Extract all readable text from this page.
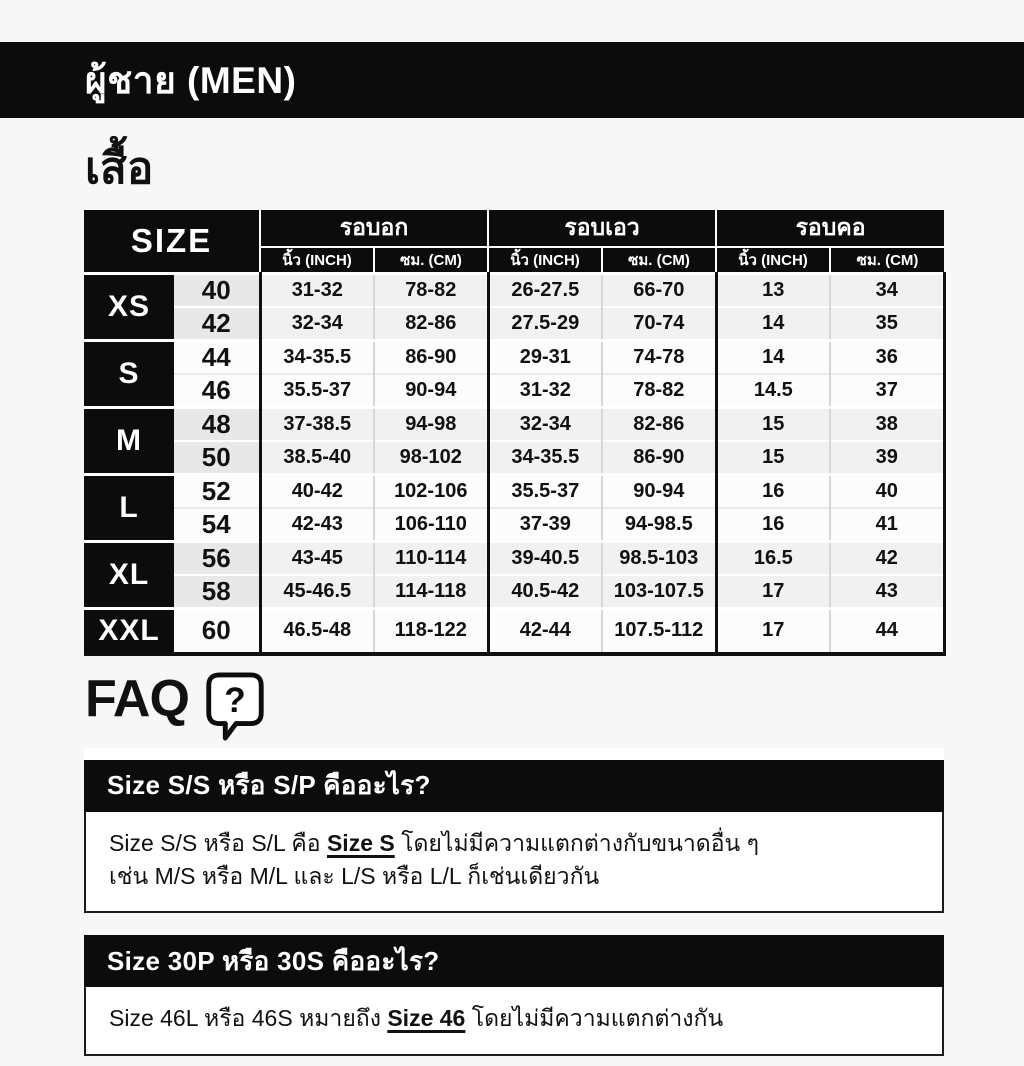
ผู้ชาย (MEN)
เสื้อ
SIZE		รอบอก		รอบเอว		รอบคอ	
		นิ้ว (INCH)	ซม. (CM)	นิ้ว (INCH)	ซม. (CM)	นิ้ว (INCH)	ซม. (CM)
XS	40	31-32	78-82	26-27.5	66-70	13	34
	42	32-34	82-86	27.5-29	70-74	14	35
S	44	34-35.5	86-90	29-31	74-78	14	36
	46	35.5-37	90-94	31-32	78-82	14.5	37
M	48	37-38.5	94-98	32-34	82-86	15	38
	50	38.5-40	98-102	34-35.5	86-90	15	39
L	52	40-42	102-106	35.5-37	90-94	16	40
	54	42-43	106-110	37-39	94-98.5	16	41
XL	56	43-45	110-114	39-40.5	98.5-103	16.5	42
	58	45-46.5	114-118	40.5-42	103-107.5	17	43
XXL	60	46.5-48	118-122	42-44	107.5-112	17	44
FAQ ?
Size S/S หรือ S/P คืออะไร?

Size S/S หรือ S/L คือ Size S โดยไม่มีความแตกต่างกับขนาดอื่น ๆ

เช่น M/S หรือ M/L และ L/S หรือ L/L ก็เช่นเดียวกัน

Size 30P หรือ 30S คืออะไร?

Size 46L หรือ 46S หมายถึง Size 46 โดยไม่มีความแตกต่างกัน
